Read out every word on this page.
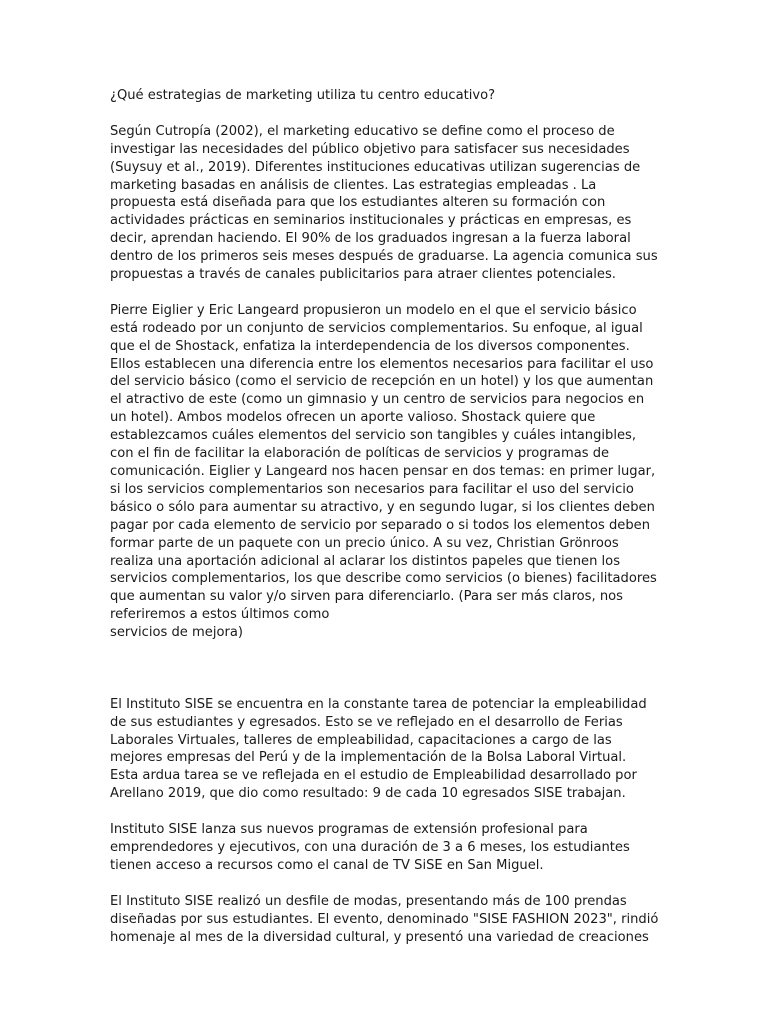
¿Qué estrategias de marketing utiliza tu centro educativo?

Según Cutropía (2002), el marketing educativo se define como el proceso de investigar las necesidades del público objetivo para satisfacer sus necesidades (Suysuy et al., 2019). Diferentes instituciones educativas utilizan sugerencias de marketing basadas en análisis de clientes. Las estrategias empleadas . La propuesta está diseñada para que los estudiantes alteren su formación con actividades prácticas en seminarios institucionales y prácticas en empresas, es decir, aprendan haciendo. El 90% de los graduados ingresan a la fuerza laboral dentro de los primeros seis meses después de graduarse. La agencia comunica sus propuestas a través de canales publicitarios para atraer clientes potenciales.

Pierre Eiglier y Eric Langeard propusieron un modelo en el que el servicio básico está rodeado por un conjunto de servicios complementarios. Su enfoque, al igual que el de Shostack, enfatiza la interdependencia de los diversos componentes. Ellos establecen una diferencia entre los elementos necesarios para facilitar el uso del servicio básico (como el servicio de recepción en un hotel) y los que aumentan el atractivo de este (como un gimnasio y un centro de servicios para negocios en un hotel). Ambos modelos ofrecen un aporte valioso. Shostack quiere que establezcamos cuáles elementos del servicio son tangibles y cuáles intangibles, con el fin de facilitar la elaboración de políticas de servicios y programas de comunicación. Eiglier y Langeard nos hacen pensar en dos temas: en primer lugar, si los servicios complementarios son necesarios para facilitar el uso del servicio básico o sólo para aumentar su atractivo, y en segundo lugar, si los clientes deben pagar por cada elemento de servicio por separado o si todos los elementos deben formar parte de un paquete con un precio único. A su vez, Christian Grönroos realiza una aportación adicional al aclarar los distintos papeles que tienen los servicios complementarios, los que describe como servicios (o bienes) facilitadores que aumentan su valor y/o sirven para diferenciarlo. (Para ser más claros, nos referiremos a estos últimos como
servicios de mejora)

El Instituto SISE se encuentra en la constante tarea de potenciar la empleabilidad de sus estudiantes y egresados. Esto se ve reflejado en el desarrollo de Ferias Laborales Virtuales, talleres de empleabilidad, capacitaciones a cargo de las mejores empresas del Perú y de la implementación de la Bolsa Laboral Virtual.
Esta ardua tarea se ve reflejada en el estudio de Empleabilidad desarrollado por Arellano 2019, que dio como resultado: 9 de cada 10 egresados SISE trabajan.

Instituto SISE lanza sus nuevos programas de extensión profesional para emprendedores y ejecutivos, con una duración de 3 a 6 meses, los estudiantes tienen acceso a recursos como el canal de TV SiSE en San Miguel.

El Instituto SISE realizó un desfile de modas, presentando más de 100 prendas diseñadas por sus estudiantes. El evento, denominado "SISE FASHION 2023", rindió homenaje al mes de la diversidad cultural, y presentó una variedad de creaciones
